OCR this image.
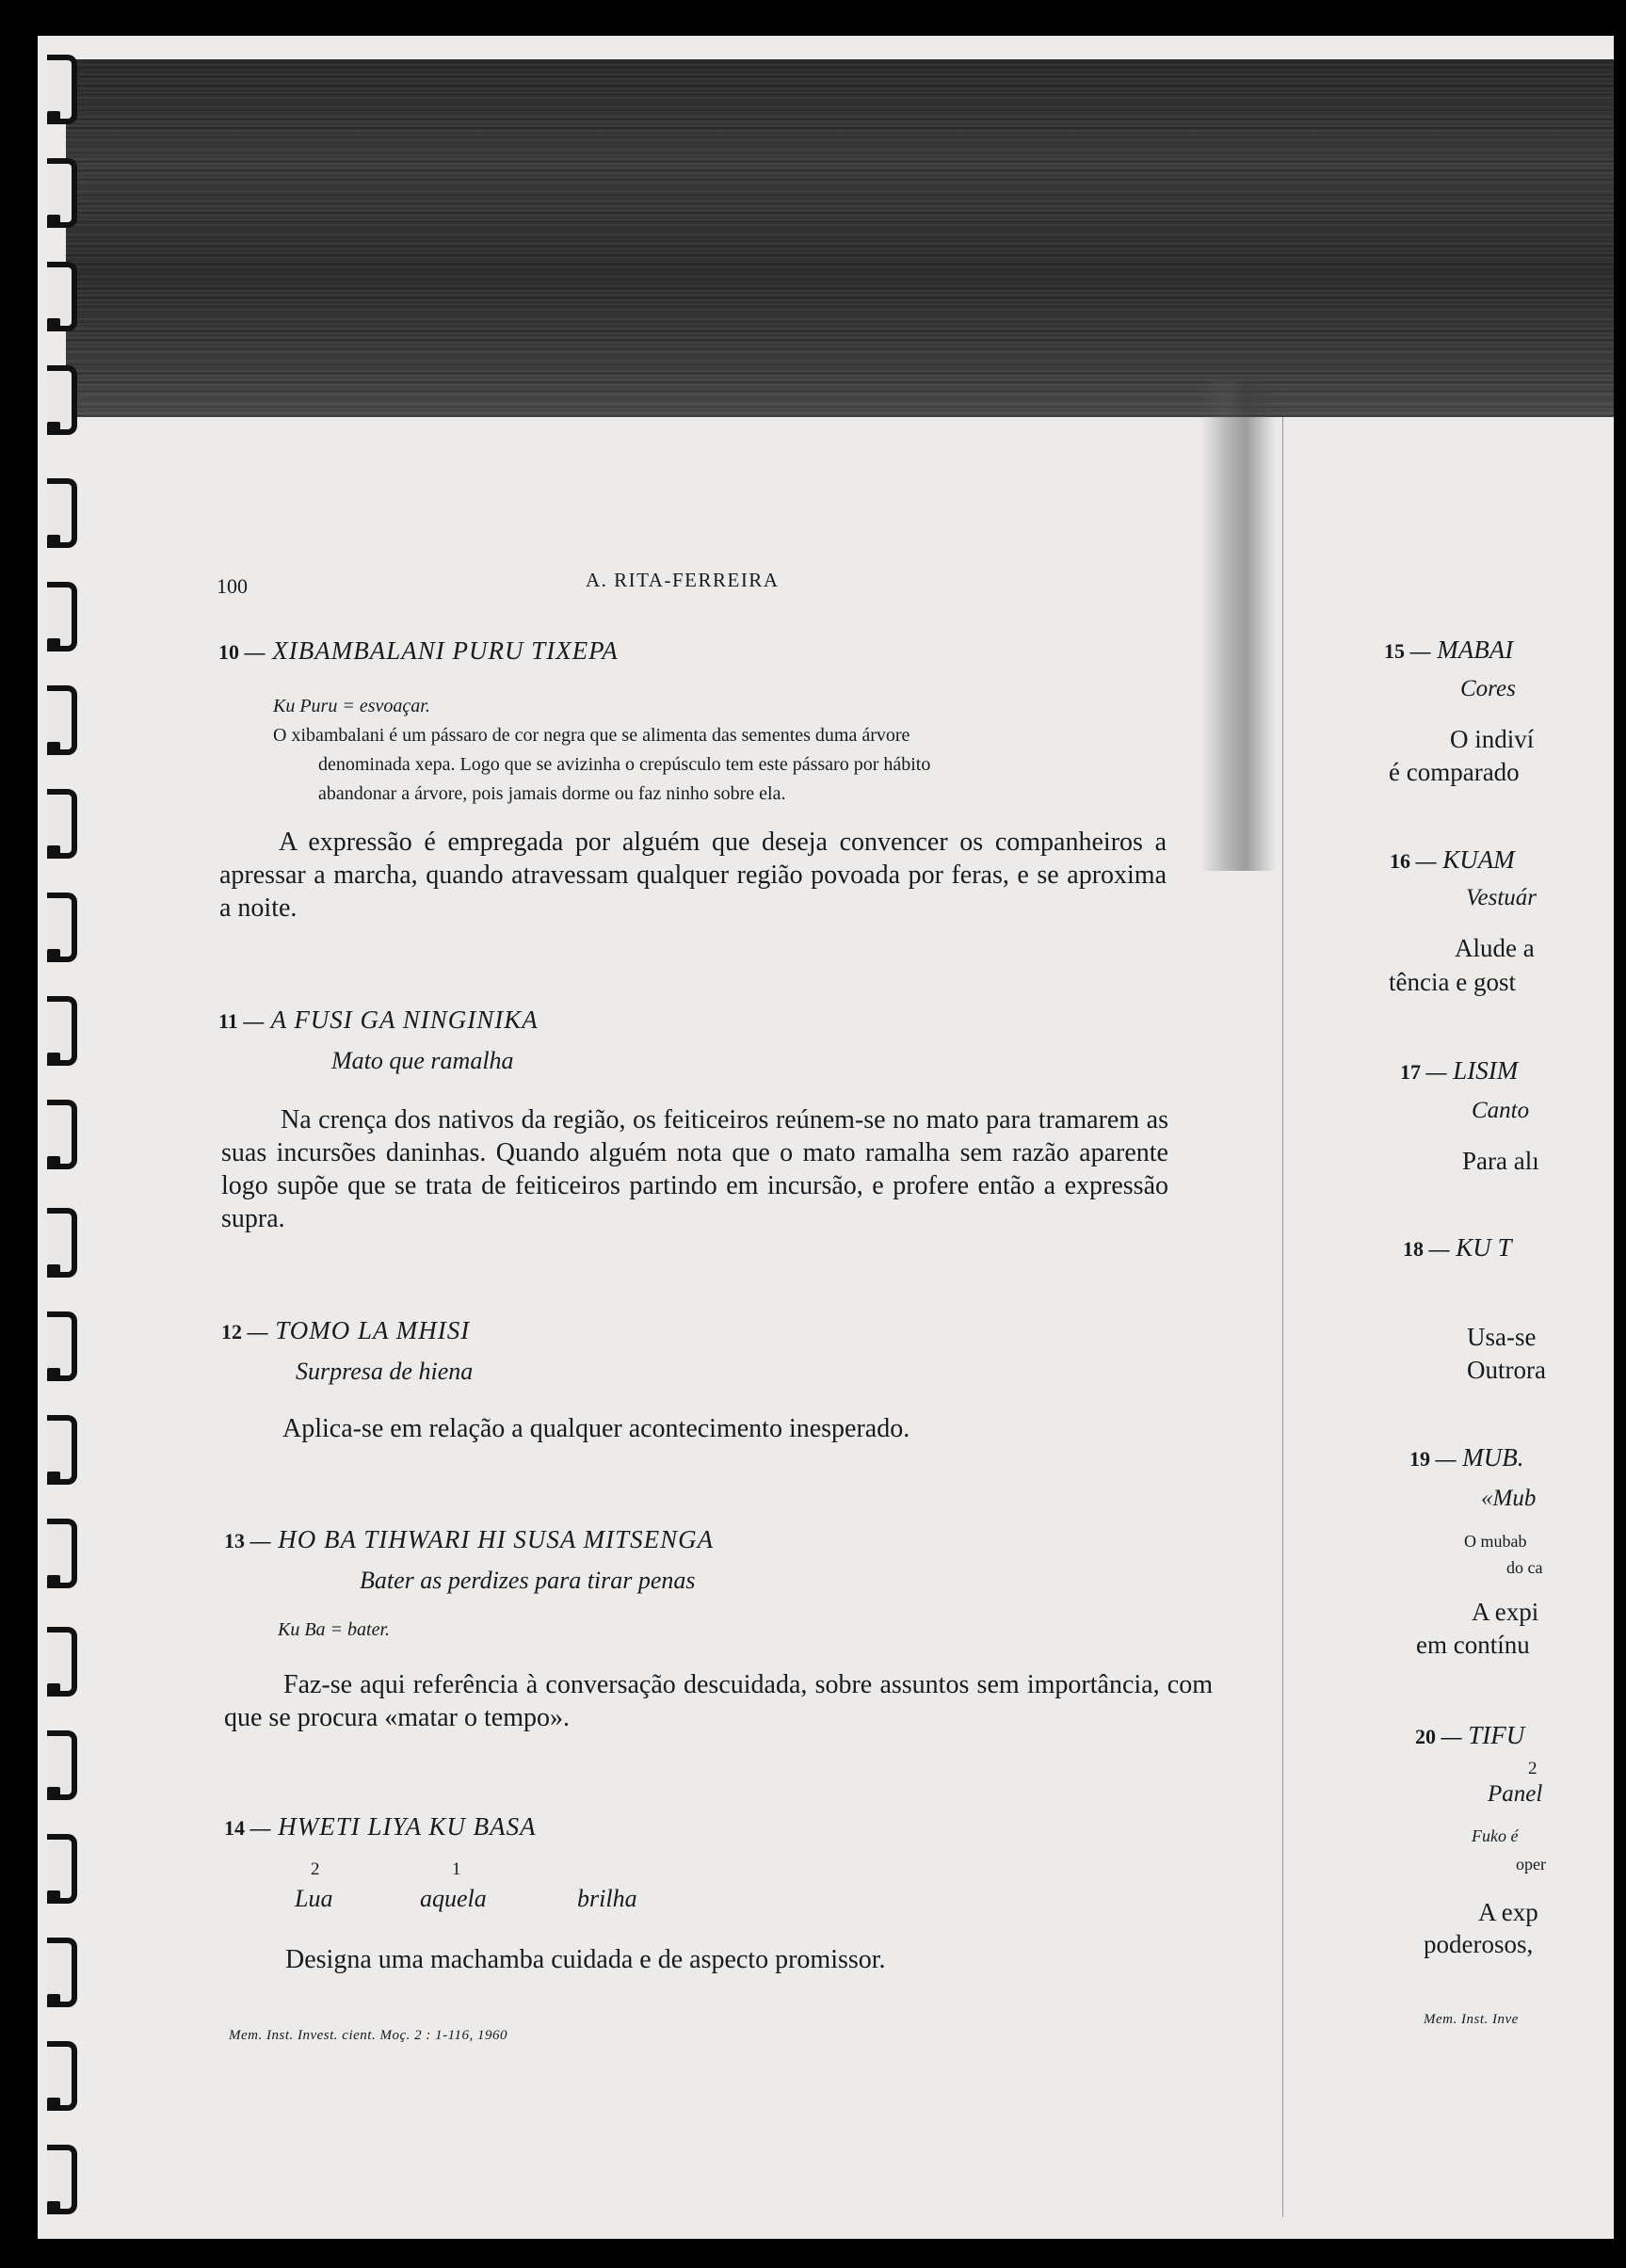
100	A. RITA-FERREIRA
10 — XIBAMBALANI PURU TIXEPA
Ku Puru = esvoaçar.
O xibambalani é um pássaro de cor negra que se alimenta das sementes duma árvore
denominada xepa. Logo que se avizinha o crepúsculo tem este pássaro por hábito
abandonar a árvore, pois jamais dorme ou faz ninho sobre ela.
A expressão é empregada por alguém que deseja convencer os companheiros a apressar a marcha, quando atravessam qualquer região povoada por feras, e se aproxima a noite.
11 — A FUSI GA NINGINIKA
Mato que ramalha
Na crença dos nativos da região, os feiticeiros reúnem-se no mato para tramarem as suas incursões daninhas. Quando alguém nota que o mato ramalha sem razão aparente logo supõe que se trata de feiticeiros partindo em incursão, e profere então a expressão supra.
12 — TOMO LA MHISI
Surpresa de hiena
Aplica-se em relação a qualquer acontecimento inesperado.
13 — HO BA TIHWARI HI SUSA MITSENGA
Bater as perdizes para tirar penas
Ku Ba = bater.
Faz-se aqui referência à conversação descuidada, sobre assuntos sem importância, com que se procura «matar o tempo».
14 — HWETI LIYA KU BASA
2	1
Lua	aquela	brilha
Designa uma machamba cuidada e de aspecto promissor.
Mem. Inst. Invest. cient. Moç. 2 : 1-116, 1960
15 — MABAI
Cores
O indiví
é comparado
16 — KUAM
Vestuár
Alude a
tência e gost
17 — LISIM
Canto
Para alı
18 — KU T
Usa-se
Outrora
19 — MUB.
«Mub
O mubab
do ca
A expi
em contínu
20 — TIFU
2
Panel
Fuko é
oper
A exp
poderosos,
Mem. Inst. Inve
